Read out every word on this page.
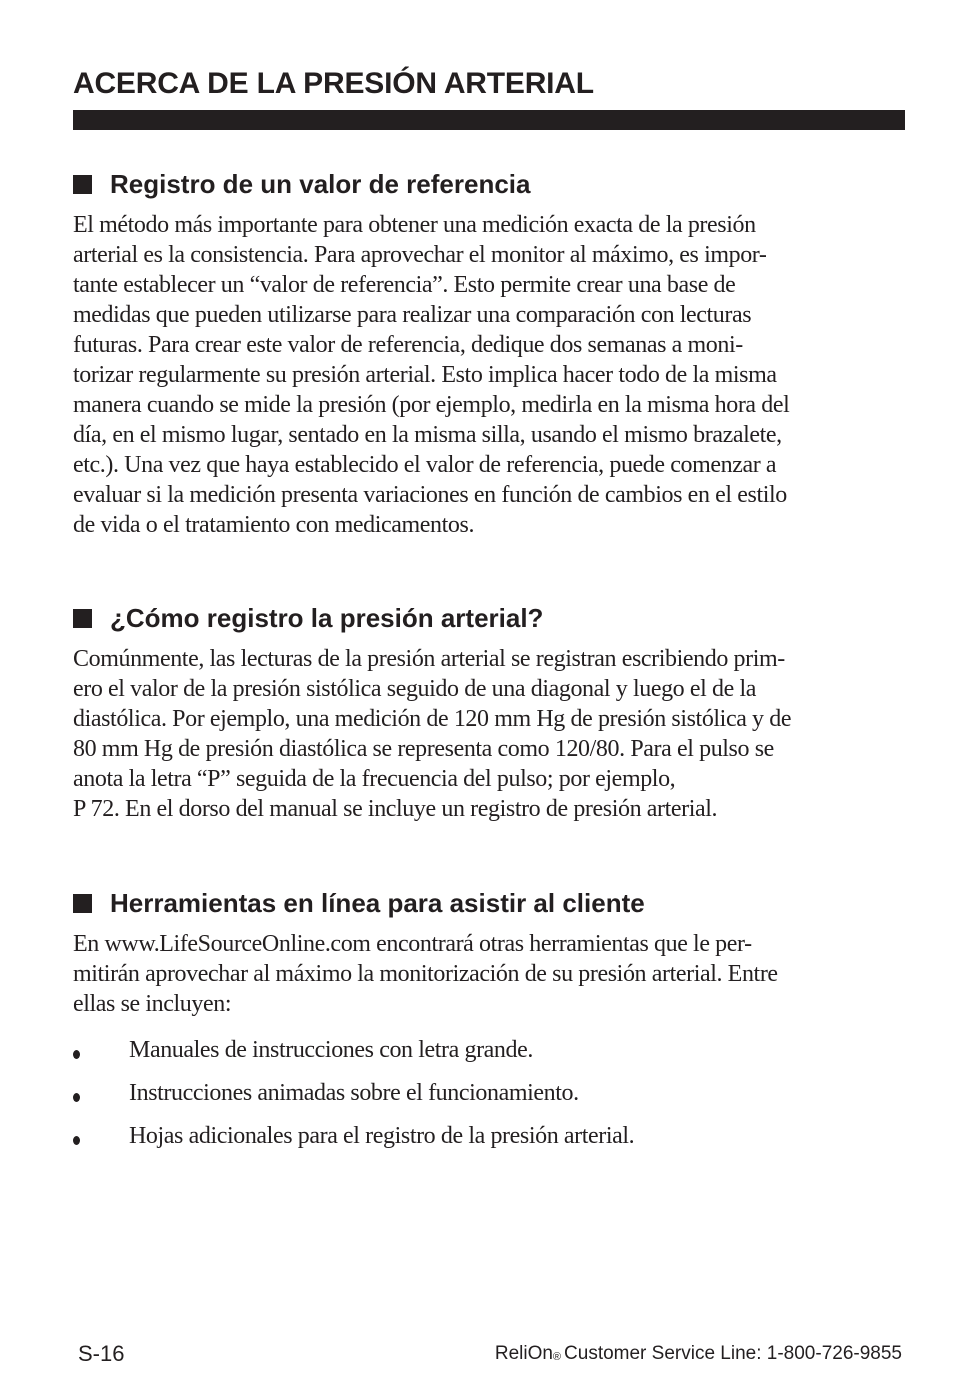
ACERCA DE LA PRESIÓN ARTERIAL
Registro de un valor de referencia

El método más importante para obtener una medición exacta de la presión
arterial es la consistencia. Para aprovechar el monitor al máximo, es impor-
tante establecer un “valor de referencia”. Esto permite crear una base de
medidas que pueden utilizarse para realizar una comparación con lecturas
futuras. Para crear este valor de referencia, dedique dos semanas a moni-
torizar regularmente su presión arterial. Esto implica hacer todo de la misma
manera cuando se mide la presión (por ejemplo, medirla en la misma hora del
día, en el mismo lugar, sentado en la misma silla, usando el mismo brazalete,
etc.). Una vez que haya establecido el valor de referencia, puede comenzar a
evaluar si la medición presenta variaciones en función de cambios en el estilo
de vida o el tratamiento con medicamentos.

¿Cómo registro la presión arterial?

Comúnmente, las lecturas de la presión arterial se registran escribiendo prim-
ero el valor de la presión sistólica seguido de una diagonal y luego el de la
diastólica. Por ejemplo, una medición de 120 mm Hg de presión sistólica y de
80 mm Hg de presión diastólica se representa como 120/80. Para el pulso se
anota la letra “P” seguida de la frecuencia del pulso; por ejemplo,
P 72. En el dorso del manual se incluye un registro de presión arterial.

Herramientas en línea para asistir al cliente

En www.LifeSourceOnline.com encontrará otras herramientas que le per-
mitirán aprovechar al máximo la monitorización de su presión arterial. Entre
ellas se incluyen:

Manuales de instrucciones con letra grande.
Instrucciones animadas sobre el funcionamiento.
Hojas adicionales para el registro de la presión arterial.
S-16	ReliOn® Customer Service Line: 1-800-726-9855
